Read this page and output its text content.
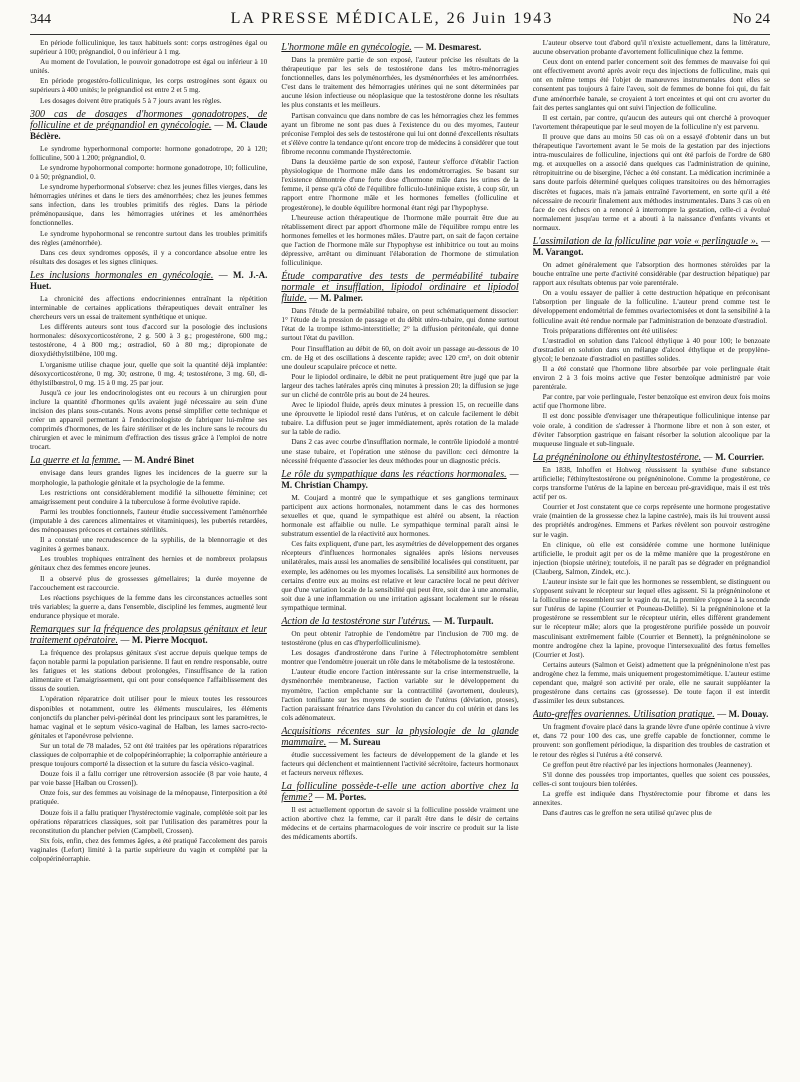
344	LA PRESSE MÉDICALE, 26 Juin 1943	No 24

En période folliculinique, les taux habituels sont: corps œstrogènes égal ou supérieur à 100; prégnandiol, 0 ou inférieur à 1 mg.

Au moment de l'ovulation, le pouvoir gonadotrope est égal ou inférieur à 10 unités.

En période progestéro-folliculinique, les corps œstrogènes sont égaux ou supérieurs à 400 unités; le prégnandiol est entre 2 et 5 mg.

Les dosages doivent être pratiqués 5 à 7 jours avant les règles.

300 cas de dosages d'hormones gonadotropes, de folliculine et de prégnandiol en gynécologie. — M. Claude Béclère.

Le syndrome hyperhormonal comporte: hormone gonadotrope, 20 à 120; folliculine, 500 à 1.200; prégnandiol, 0.

Le syndrome hypohormonal comporte: hormone gonadotrope, 10; folliculine, 0 à 50; prégnandiol, 0.

Le syndrome hyperhormonal s'observe: chez les jeunes filles vierges, dans les hémorragies utérines et dans le tiers des aménorrhées; chez les jeunes femmes sans infection, dans les troubles primitifs des règles. Dans la période préménopausique, dans les hémorragies utérines et les aménorrhées fonctionnelles.

Le syndrome hypohormonal se rencontre surtout dans les troubles primitifs des règles (aménorrhée).

Dans ces deux syndromes opposés, il y a concordance absolue entre les résultats des dosages et les signes cliniques.

Les inclusions hormonales en gynécologie. — M. J.-A. Huet.

La chronicité des affections endocriniennes entraînant la répétition interminable de certaines applications thérapeutiques devait entraîner les chercheurs vers un essai de traitement synthétique et unique.

Les différents auteurs sont tous d'accord sur la posologie des inclusions hormonales: désoxycorticostérone, 2 g. 500 à 3 g.; progestérone, 600 mg.; testostérone, 4 à 800 mg.; œstradiol, 60 à 80 mg.; dipropionate de dioxydiéthylstilbène, 100 mg.

L'organisme utilise chaque jour, quelle que soit la quantité déjà implantée: désoxycorticostérone, 0 mg. 30; œstrone, 0 mg. 4; testostérone, 3 mg. 60, di-éthylstilbœstrol, 0 mg. 15 à 0 mg. 25 par jour.

Jusqu'à ce jour les endocrinologistes ont eu recours à un chirurgien pour inclure la quantité d'hormones qu'ils avaient jugé nécessaire au sein d'une incision des plans sous-cutanés. Nous avons pensé simplifier cette technique et créer un appareil permettant à l'endocrinologiste de fabriquer lui-même ses comprimés d'hormones, de les faire stériliser et de les inclure sans le recours du chirurgien et avec le minimum d'effraction des tissus grâce à l'emploi de notre trocart.

La guerre et la femme. — M. André Binet

envisage dans leurs grandes lignes les incidences de la guerre sur la morphologie, la pathologie génitale et la psychologie de la femme.

Les restrictions ont considérablement modifié la silhouette féminine; cet amaigrissement peut conduire à la tuberculose à forme évolutive rapide.

Parmi les troubles fonctionnels, l'auteur étudie successivement l'aménorrhée (imputable à des carences alimentaires et vitaminiques), les pubertés retardées, des ménopauses précoces et certaines stérilités.

Il a constaté une recrudescence de la syphilis, de la blennorragie et des vaginites à germes banaux.

Les troubles trophiques entraînent des hernies et de nombreux prolapsus génitaux chez des femmes encore jeunes.

Il a observé plus de grossesses gémellaires; la durée moyenne de l'accouchement est raccourcie.

Les réactions psychiques de la femme dans les circonstances actuelles sont très variables; la guerre a, dans l'ensemble, discipliné les femmes, augmenté leur endurance physique et morale.

Remarques sur la fréquence des prolapsus génitaux et leur traitement opératoire. — M. Pierre Mocquot.

La fréquence des prolapsus génitaux s'est accrue depuis quelque temps de façon notable parmi la population parisienne. Il faut en rendre responsable, outre les fatigues et les stations debout prolongées, l'insuffisance de la ration alimentaire et l'amaigrissement, qui ont pour conséquence l'affaiblissement des tissus de soutien.

L'opération réparatrice doit utiliser pour le mieux toutes les ressources disponibles et notamment, outre les éléments musculaires, les éléments conjonctifs du plancher pelvi-périnéal dont les principaux sont les paramètres, le hamac vaginal et le septum vésico-vaginal de Halban, les lames sacro-recto-génitales et l'aponévrose pelvienne.

Sur un total de 78 malades, 52 ont été traitées par les opérations réparatrices classiques de colporraphie et de colpopérinéorraphie; la colporraphie antérieure a presque toujours comporté la dissection et la suture du fascia vésico-vaginal.

Douze fois il a fallu corriger une rétroversion associée (8 par voie haute, 4 par voie basse [Halban ou Crossen]).

Onze fois, sur des femmes au voisinage de la ménopause, l'interposition a été pratiquée.

Douze fois il a fallu pratiquer l'hystérectomie vaginale, complétée soit par les opérations réparatrices classiques, soit par l'utilisation des paramètres pour la reconstitution du plancher pelvien (Campbell, Crossen).

Six fois, enfin, chez des femmes âgées, a été pratiqué l'accolement des parois vaginales (Lefort) limité à la partie supérieure du vagin et complété par la colpopérinéorraphie.

L'hormone mâle en gynécologie. — M. Desmarest.

Dans la première partie de son exposé, l'auteur précise les résultats de la thérapeutique par les sels de testostérone dans les métro-ménorragies fonctionnelles, dans les polyménorrhées, les dysménorrhées et les aménorrhées. C'est dans le traitement des hémorragies utérines qui ne sont déterminées par aucune lésion infectieuse ou néoplasique que la testostérone donne les résultats les plus constants et les meilleurs.

Partisan convaincu que dans nombre de cas les hémorragies chez les femmes ayant un fibrome ne sont pas dues à l'existence du ou des myomes, l'auteur préconise l'emploi des sels de testostérone qui lui ont donné d'excellents résultats et s'élève contre la tendance qu'ont encore trop de médecins à considérer que tout fibrome reconnu commande l'hystérectomie.

Dans la deuxième partie de son exposé, l'auteur s'efforce d'établir l'action physiologique de l'hormone mâle dans les endométrorragies. Se basant sur l'existence démontrée d'une forte dose d'hormone mâle dans les urines de la femme, il pense qu'à côté de l'équilibre folliculo-lutéinique existe, à coup sûr, un rapport entre l'hormone mâle et les hormones femelles (folliculine et progestérone), le double équilibre hormonal étant régi par l'hypophyse.

L'heureuse action thérapeutique de l'hormone mâle pourrait être due au rétablissement direct par apport d'hormone mâle de l'équilibre rompu entre les hormones femelles et les hormones mâles. D'autre part, on sait de façon certaine que l'action de l'hormone mâle sur l'hypophyse est inhibitrice ou tout au moins dépressive, arrêtant ou diminuant l'élaboration de l'hormone de stimulation folliculinique.

Étude comparative des tests de perméabilité tubaire normale et insufflation, lipiodol ordinaire et lipiodol fluide. — M. Palmer.

Dans l'étude de la perméabilité tubaire, on peut schématiquement dissocier: 1° l'étude de la pression de passage et du débit utéro-tubaire, qui donne surtout l'état de la trompe isthmo-interstitielle; 2° la diffusion péritonéale, qui donne surtout l'état du pavillon.

Pour l'insufflation au débit de 60, on doit avoir un passage au-dessous de 10 cm. de Hg et des oscillations à descente rapide; avec 120 cm³, on doit obtenir une douleur scapulaire précoce et nette.

Pour le lipiodol ordinaire, le débit ne peut pratiquement être jugé que par la largeur des taches latérales après cinq minutes à pression 20; la diffusion se juge sur un cliché de contrôle pris au bout de 24 heures.

Avec le lipiodol fluide, après deux minutes à pression 15, on recueille dans une éprouvette le lipiodol resté dans l'utérus, et on calcule facilement le débit tubaire. La diffusion peut se juger immédiatement, après rotation de la malade sur la table de radio.

Dans 2 cas avec courbe d'insufflation normale, le contrôle lipiodolé a montré une stase tubaire, et l'opération une sténose du pavillon: ceci démontre la nécessité fréquente d'associer les deux méthodes pour un diagnostic précis.

Le rôle du sympathique dans les réactions hormonales. — M. Christian Champy.

M. Coujard a montré que le sympathique et ses ganglions terminaux participent aux actions hormonales, notamment dans le cas des hormones sexuelles et que, quand le sympathique est altéré ou absent, la réaction hormonale est affaiblie ou nulle. Le sympathique terminal paraît ainsi le substratum essentiel de la réactivité aux hormones.

Ces faits expliquent, d'une part, les asymétries de développement des organes récepteurs d'influences hormonales signalées après lésions nerveuses unilatérales, mais aussi les anomalies de sensibilité localisées qui constituent, par exemple, les adénomes ou les myomes localisés. La sensibilité aux hormones de certains d'entre eux au moins est relative et leur caractère local ne peut dériver que d'une variation locale de la sensibilité qui peut être, soit due à une anomalie, soit due à une inflammation ou une irritation agissant localement sur le réseau sympathique terminal.

Action de la testostérone sur l'utérus. — M. Turpault.

On peut obtenir l'atrophie de l'endomètre par l'inclusion de 700 mg. de testostérone (plus en cas d'hyperfolliculinisme).

Les dosages d'androstérone dans l'urine à l'électrophotomètre semblent montrer que l'endomètre jouerait un rôle dans le métabolisme de la testostérone.

L'auteur étudie encore l'action intéressante sur la crise intermenstruelle, la dysménorrhée membraneuse, l'action variable sur le développement du myomètre, l'action empêchante sur la contractilité (avortement, douleurs), l'action tonifiante sur les moyens de soutien de l'utérus (déviation, ptoses), l'action paraissant frénatrice dans l'évolution du cancer du col utérin et dans les cols adénomateux.

Acquisitions récentes sur la physiologie de la glande mammaire. — M. Sureau

étudie successivement les facteurs de développement de la glande et les facteurs qui déclenchent et maintiennent l'activité sécrétoire, facteurs hormonaux et facteurs nerveux réflexes.

La folliculine possède-t-elle une action abortive chez la femme? — M. Portes.

Il est actuellement opportun de savoir si la folliculine possède vraiment une action abortive chez la femme, car il paraît être dans le désir de certains médecins et de certains pharmacologues de voir inscrire ce produit sur la liste des médicaments abortifs.

L'auteur observe tout d'abord qu'il n'existe actuellement, dans la littérature, aucune observation probante d'avortement folliculinique chez la femme.

Ceux dont on entend parler concernent soit des femmes de mauvaise foi qui ont effectivement avorté après avoir reçu des injections de folliculine, mais qui ont en même temps été l'objet de manœuvres instrumentales dont elles se consentent pas toujours à faire l'aveu, soit de femmes de bonne foi qui, du fait d'une aménorrhée banale, se croyaient à tort enceintes et qui ont cru avorter du fait des pertes sanglantes qui ont suivi l'injection de folliculine.

Il est certain, par contre, qu'aucun des auteurs qui ont cherché à provoquer l'avortement thérapeutique par le seul moyen de la folliculine n'y est parvenu.

Il prouve que dans au moins 50 cas où on a essayé d'obtenir dans un but thérapeutique l'avortement avant le 5e mois de la gestation par des injections intra-musculaires de folliculine, injections qui ont été parfois de l'ordre de 680 mg. et auxquelles on a associé dans quelques cas l'administration de quinine, rétropituitrine ou de bisergine, l'échec a été constant. La médication incriminée a sans doute parfois déterminé quelques coliques transitoires ou des hémorragies discrètes et fugaces, mais n'a jamais entraîné l'avortement, en sorte qu'il a été nécessaire de recourir finalement aux méthodes instrumentales. Dans 3 cas où en face de ces échecs on a renoncé à interrompre la gestation, celle-ci a évolué normalement jusqu'au terme et a abouti à la naissance d'enfants vivants et normaux.

L'assimilation de la folliculine par voie « perlinguale ». — M. Varangot.

On admet généralement que l'absorption des hormones stéroïdes par la bouche entraîne une perte d'activité considérable (par destruction hépatique) par rapport aux résultats obtenus par voie parentérale.

On a voulu essayer de pallier à cette destruction hépatique en préconisant l'absorption per linguale de la folliculine. L'auteur prend comme test le développement endométrial de femmes ovariectomisées et dont la sensibilité à la folliculine avait été rendue normale par l'administration de benzoate d'œstradiol.

Trois préparations différentes ont été utilisées:

L'œstradiol en solution dans l'alcool éthylique à 40 pour 100; le benzoate d'œstradiol en solution dans un mélange d'alcool éthylique et de propylène-glycol; le benzoate d'œstradiol en pastilles solides.

Il a été constaté que l'hormone libre absorbée par voie perlinguale était environ 2 à 3 fois moins active que l'ester benzoïque administré par voie parentérale.

Par contre, par voie perlinguale, l'ester benzoïque est environ deux fois moins actif que l'hormone libre.

Il est donc possible d'envisager une thérapeutique folliculinique intense par voie orale, à condition de s'adresser à l'hormone libre et non à son ester, et d'éviter l'absorption gastrique en faisant résorber la solution alcoolique par la muqueuse linguale et sub-linguale.

La prégnéninolone ou éthinyltestostérone. — M. Courrier.

En 1838, Inhoffen et Hohweg réussissent la synthèse d'une substance artificielle; l'éthinyltestostérone ou prégnéninolone. Comme la progestérone, ce corps transforme l'utérus de la lapine en berceau pré-gravidique, mais il est très actif per os.

Courrier et Jost constatent que ce corps représente une hormone progestative vraie (maintien de la grossesse chez la lapine castrée), mais ils lui trouvent aussi des propriétés androgènes. Emmens et Parkes révèlent son pouvoir œstrogène sur le vagin.

En clinique, où elle est considérée comme une hormone lutéinique artificielle, le produit agit per os de la même manière que la progestérone en injection (biopsie utérine); toutefois, il ne paraît pas se dégrader en prégnandiol (Clauberg, Salmon, Zindek, etc.).

L'auteur insiste sur le fait que les hormones se ressemblent, se distinguent ou s'opposent suivant le récepteur sur lequel elles agissent. Si la prégnéninolone et la folliculine se ressemblent sur le vagin du rat, la première s'oppose à la seconde sur l'utérus de lapine (Courrier et Pouneau-Delille). Si la prégnéninolone et la progestérone se ressemblent sur le récepteur utérin, elles diffèrent grandement sur le récepteur mâle; alors que la progestérone purifiée possède un pouvoir masculinisant extrêmement faible (Courrier et Bennett), la prégnéninolone se montre androgène chez la lapine, provoque l'intersexualité des fœtus femelles (Courrier et Jost).

Certains auteurs (Salmon et Geist) admettent que la prégnéninolone n'est pas androgène chez la femme, mais uniquement progestomimétique. L'auteur estime cependant que, malgré son activité per orale, elle ne saurait suppléanter la progestérone dans certains cas (grossesse). De toute façon il est interdit d'assimiler les deux substances.

Auto-greffes ovariennes. Utilisation pratique. — M. Douay.

Un fragment d'ovaire placé dans la grande lèvre d'une opérée continue à vivre et, dans 72 pour 100 des cas, une greffe capable de fonctionner, comme le prouvent: son gonflement périodique, la disparition des troubles de castration et le retour des règles si l'utérus a été conservé.

Ce greffon peut être réactivé par les injections hormonales (Jeanneney).

S'il donne des poussées trop importantes, quelles que soient ces poussées, celles-ci sont toujours bien tolérées.

La greffe est indiquée dans l'hystérectomie pour fibrome et dans les annexites.

Dans d'autres cas le greffon ne sera utilisé qu'avec plus de
